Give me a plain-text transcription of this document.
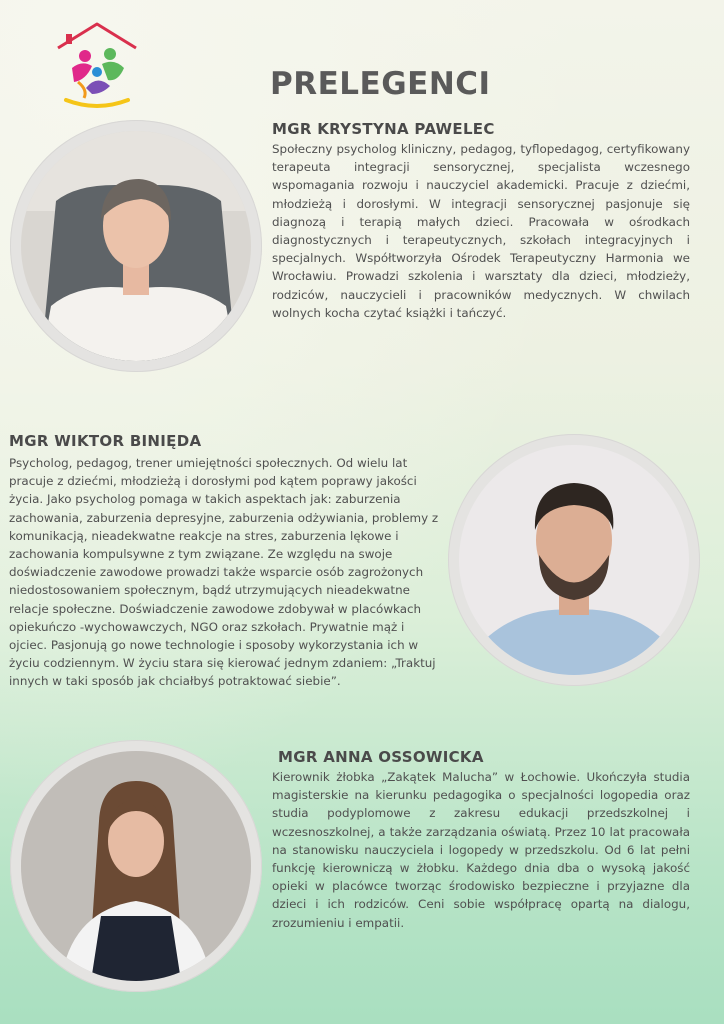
PRELEGENCI
MGR KRYSTYNA PAWELEC

Społeczny psycholog kliniczny, pedagog, tyflopedagog, certyfikowany terapeuta integracji sensorycznej, specjalista wczesnego wspomagania rozwoju i nauczyciel akademicki. Pracuje z dziećmi, młodzieżą i dorosłymi. W integracji sensorycznej pasjonuje się diagnozą i terapią małych dzieci. Pracowała w ośrodkach diagnostycznych i terapeutycznych, szkołach integracyjnych i specjalnych. Współtworzyła Ośrodek Terapeutyczny Harmonia we Wrocławiu. Prowadzi szkolenia i warsztaty dla dzieci, młodzieży, rodziców, nauczycieli i pracowników medycznych. W chwilach wolnych kocha czytać książki i tańczyć.

MGR WIKTOR BINIĘDA

Psycholog, pedagog, trener umiejętności społecznych. Od wielu lat pracuje z dziećmi, młodzieżą i dorosłymi pod kątem poprawy jakości życia. Jako psycholog pomaga w takich aspektach jak: zaburzenia zachowania, zaburzenia depresyjne, zaburzenia odżywiania, problemy z komunikacją, nieadekwatne reakcje na stres, zaburzenia lękowe i zachowania kompulsywne z tym związane. Ze względu na swoje doświadczenie zawodowe prowadzi także wsparcie osób zagrożonych niedostosowaniem społecznym, bądź utrzymujących nieadekwatne relacje społeczne. Doświadczenie zawodowe zdobywał w placówkach opiekuńczo -wychowawczych, NGO oraz szkołach. Prywatnie mąż i ojciec. Pasjonują go nowe technologie i sposoby wykorzystania ich w życiu codziennym. W życiu stara się kierować jednym zdaniem: „Traktuj innych w taki sposób jak chciałbyś potraktować siebie”.

MGR ANNA OSSOWICKA

Kierownik żłobka „Zakątek Malucha” w Łochowie. Ukończyła studia magisterskie na kierunku pedagogika o specjalności logopedia oraz studia podyplomowe z zakresu edukacji przedszkolnej i wczesnoszkolnej, a także zarządzania oświatą. Przez 10 lat pracowała na stanowisku nauczyciela i logopedy w przedszkolu. Od 6 lat pełni funkcję kierowniczą w żłobku. Każdego dnia dba o wysoką jakość opieki w placówce tworząc środowisko bezpieczne i przyjazne dla dzieci i ich rodziców. Ceni sobie współpracę opartą na dialogu, zrozumieniu i empatii.
